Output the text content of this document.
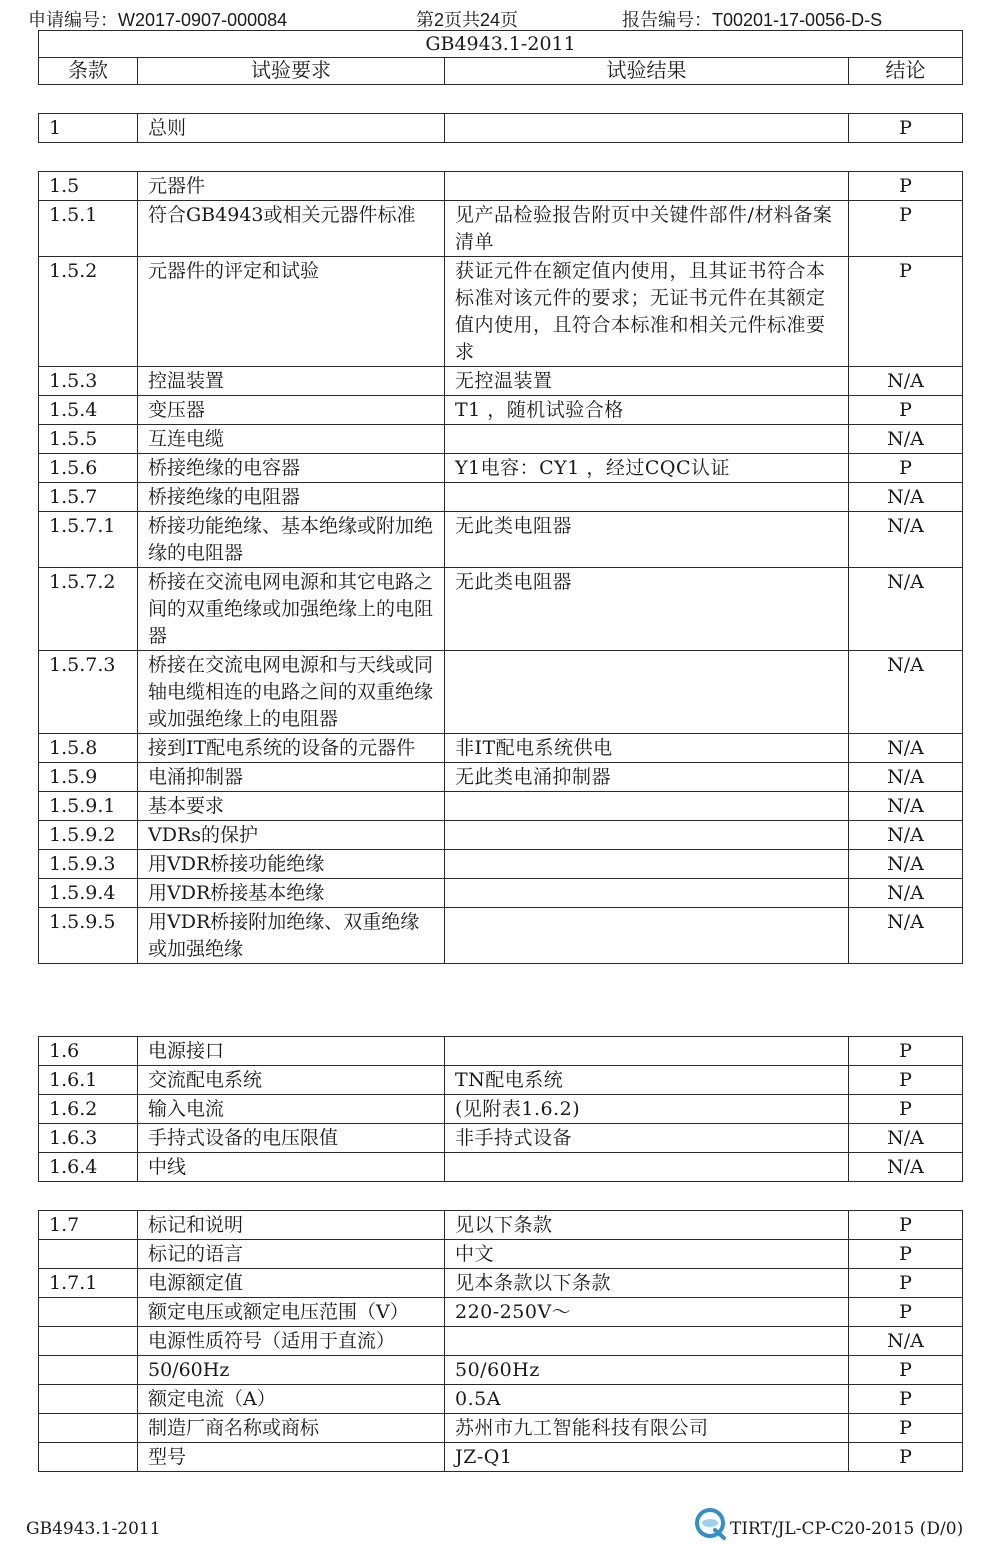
申请编号：W2017-0907-000084	第2页共24页	报告编号：T00201-17-0056-D-S
GB4943.1-2011
条款	试验要求	试验结果	结论
1	总则		P
1.5	元器件		P
1.5.1	符合GB4943或相关元器件标准	见产品检验报告附页中关键件部件/材料备案清单	P
1.5.2	元器件的评定和试验	获证元件在额定值内使用，且其证书符合本标准对该元件的要求；无证书元件在其额定值内使用，且符合本标准和相关元件标准要求	P
1.5.3	控温装置	无控温装置	N/A
1.5.4	变压器	T1 ，随机试验合格	P
1.5.5	互连电缆		N/A
1.5.6	桥接绝缘的电容器	Y1电容：CY1 ，经过CQC认证	P
1.5.7	桥接绝缘的电阻器		N/A
1.5.7.1	桥接功能绝缘、基本绝缘或附加绝缘的电阻器	无此类电阻器	N/A
1.5.7.2	桥接在交流电网电源和其它电路之间的双重绝缘或加强绝缘上的电阻器	无此类电阻器	N/A
1.5.7.3	桥接在交流电网电源和与天线或同轴电缆相连的电路之间的双重绝缘或加强绝缘上的电阻器		N/A
1.5.8	接到IT配电系统的设备的元器件	非IT配电系统供电	N/A
1.5.9	电涌抑制器	无此类电涌抑制器	N/A
1.5.9.1	基本要求		N/A
1.5.9.2	VDRs的保护		N/A
1.5.9.3	用VDR桥接功能绝缘		N/A
1.5.9.4	用VDR桥接基本绝缘		N/A
1.5.9.5	用VDR桥接附加绝缘、双重绝缘或加强绝缘		N/A
1.6	电源接口		P
1.6.1	交流配电系统	TN配电系统	P
1.6.2	输入电流	(见附表1.6.2)	P
1.6.3	手持式设备的电压限值	非手持式设备	N/A
1.6.4	中线		N/A
1.7	标记和说明	见以下条款	P
	标记的语言	中文	P
1.7.1	电源额定值	见本条款以下条款	P
	额定电压或额定电压范围（V）	220-250V～	P
	电源性质符号（适用于直流）		N/A
	50/60Hz	50/60Hz	P
	额定电流（A）	0.5A	P
	制造厂商名称或商标	苏州市九工智能科技有限公司	P
	型号	JZ-Q1	P
GB4943.1-2011	TIRT/JL-CP-C20-2015 (D/0)
